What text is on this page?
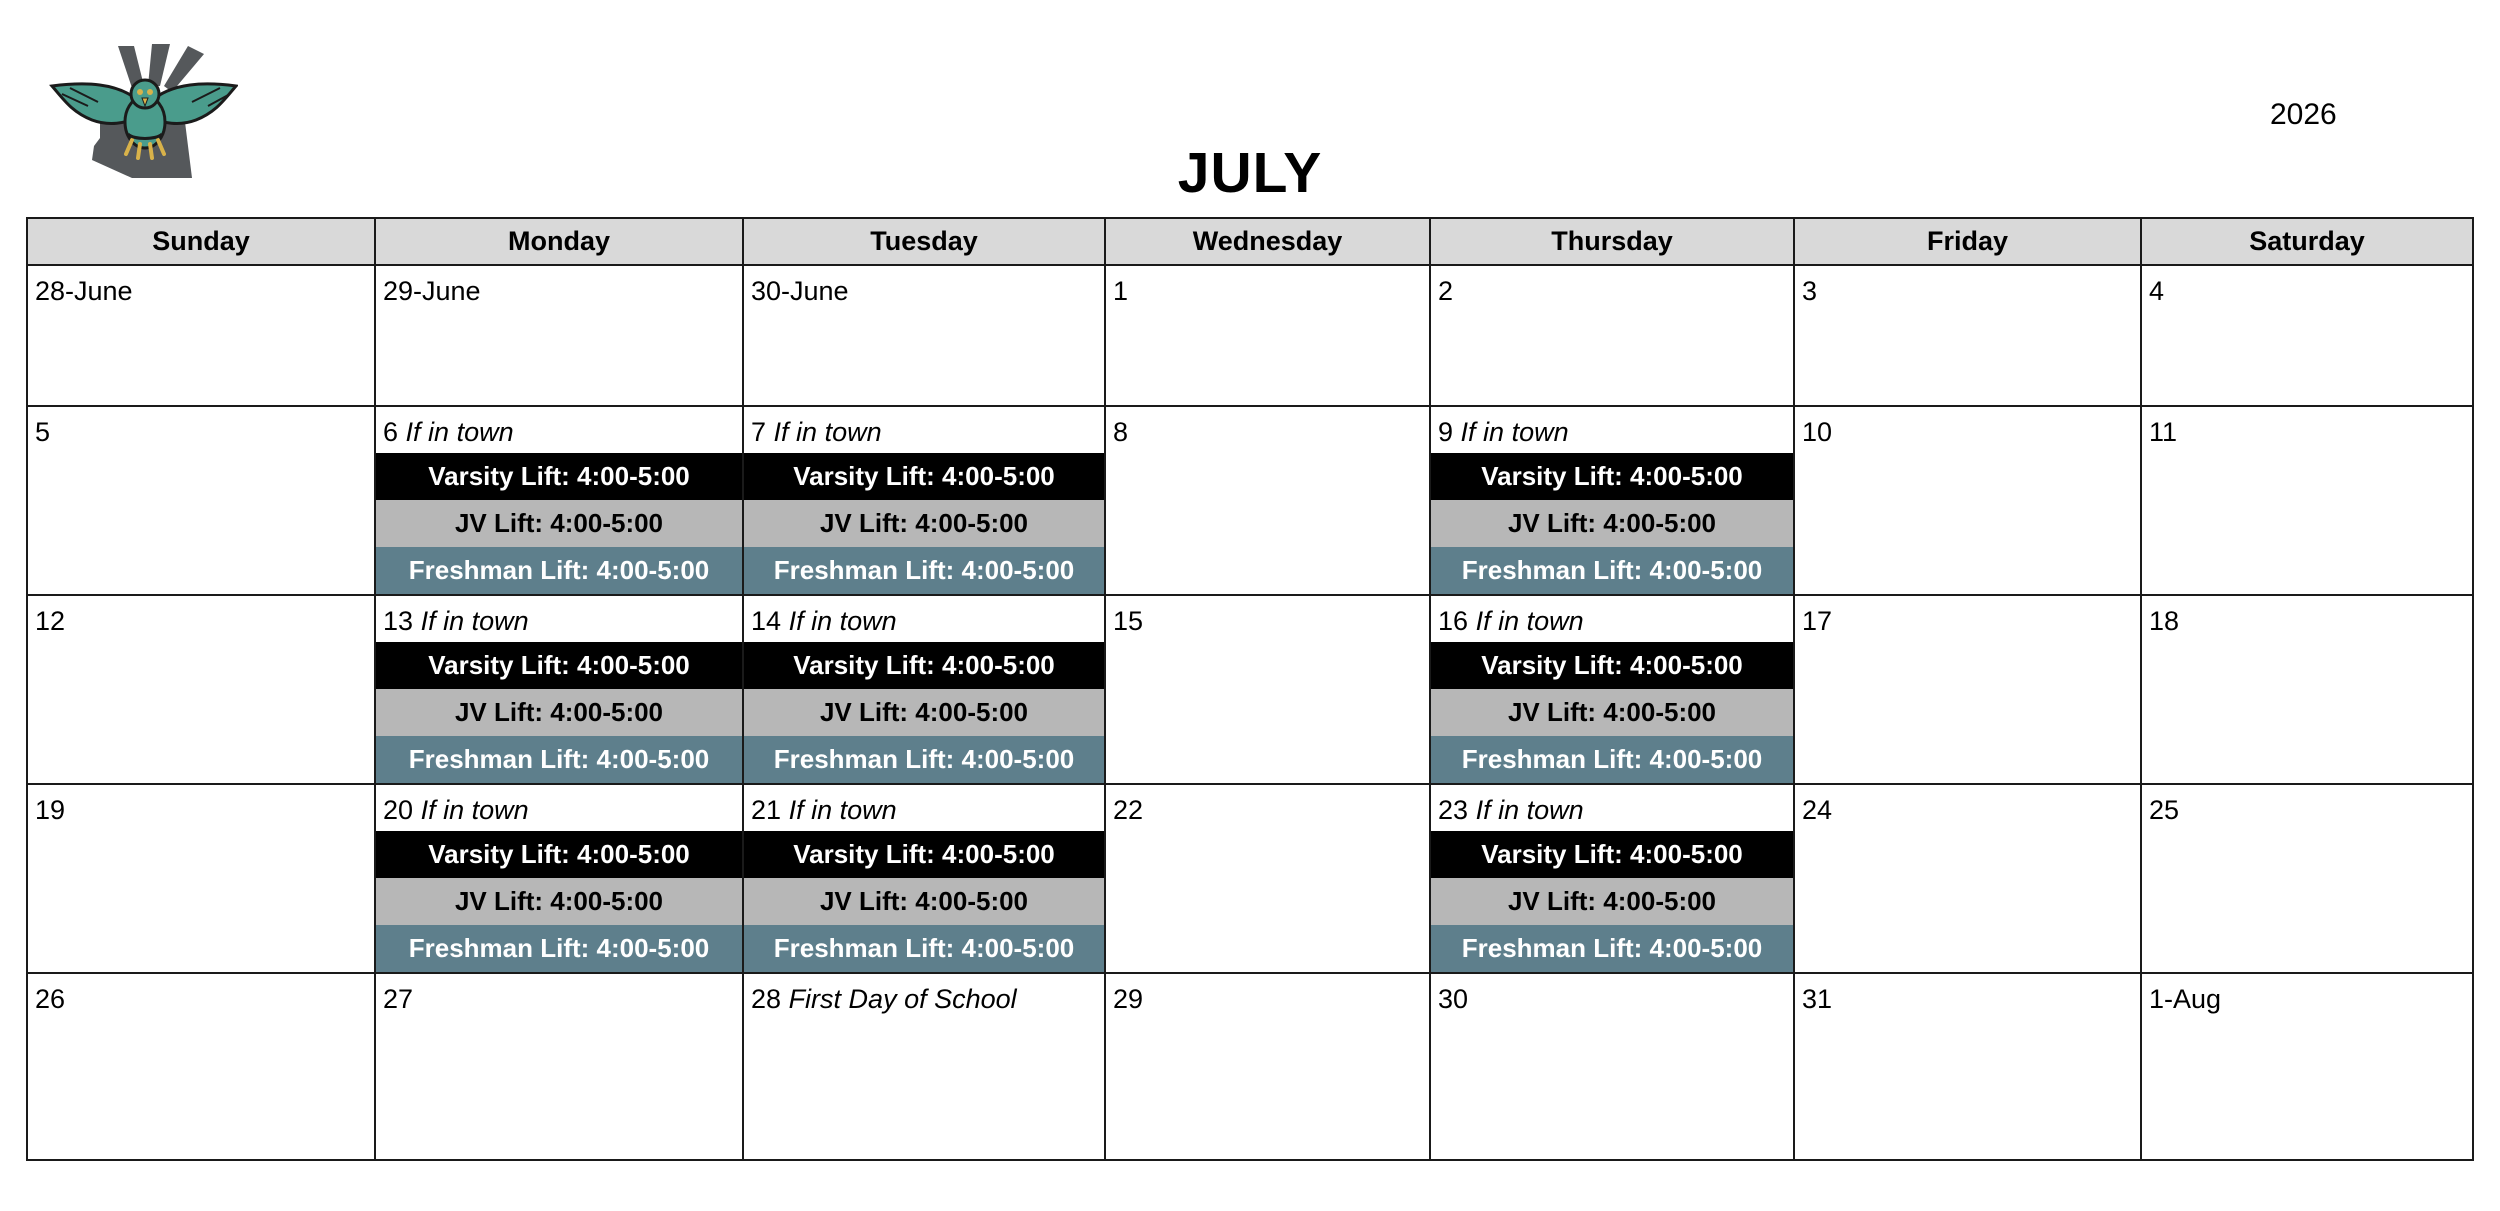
2026
JULY
Sunday	Monday	Tuesday	Wednesday	Thursday	Friday	Saturday

28-June	29-June	30-June	1	2	3	4

5	6 If in town
Varsity Lift: 4:00-5:00
JV Lift: 4:00-5:00
Freshman Lift: 4:00-5:00	7 If in town
Varsity Lift: 4:00-5:00
JV Lift: 4:00-5:00
Freshman Lift: 4:00-5:00	8	9 If in town
Varsity Lift: 4:00-5:00
JV Lift: 4:00-5:00
Freshman Lift: 4:00-5:00	10	11

12	13 If in town
Varsity Lift: 4:00-5:00
JV Lift: 4:00-5:00
Freshman Lift: 4:00-5:00	14 If in town
Varsity Lift: 4:00-5:00
JV Lift: 4:00-5:00
Freshman Lift: 4:00-5:00	15	16 If in town
Varsity Lift: 4:00-5:00
JV Lift: 4:00-5:00
Freshman Lift: 4:00-5:00	17	18

19	20 If in town
Varsity Lift: 4:00-5:00
JV Lift: 4:00-5:00
Freshman Lift: 4:00-5:00	21 If in town
Varsity Lift: 4:00-5:00
JV Lift: 4:00-5:00
Freshman Lift: 4:00-5:00	22	23 If in town
Varsity Lift: 4:00-5:00
JV Lift: 4:00-5:00
Freshman Lift: 4:00-5:00	24	25

26	27	28 First Day of School	29	30	31	1-Aug
